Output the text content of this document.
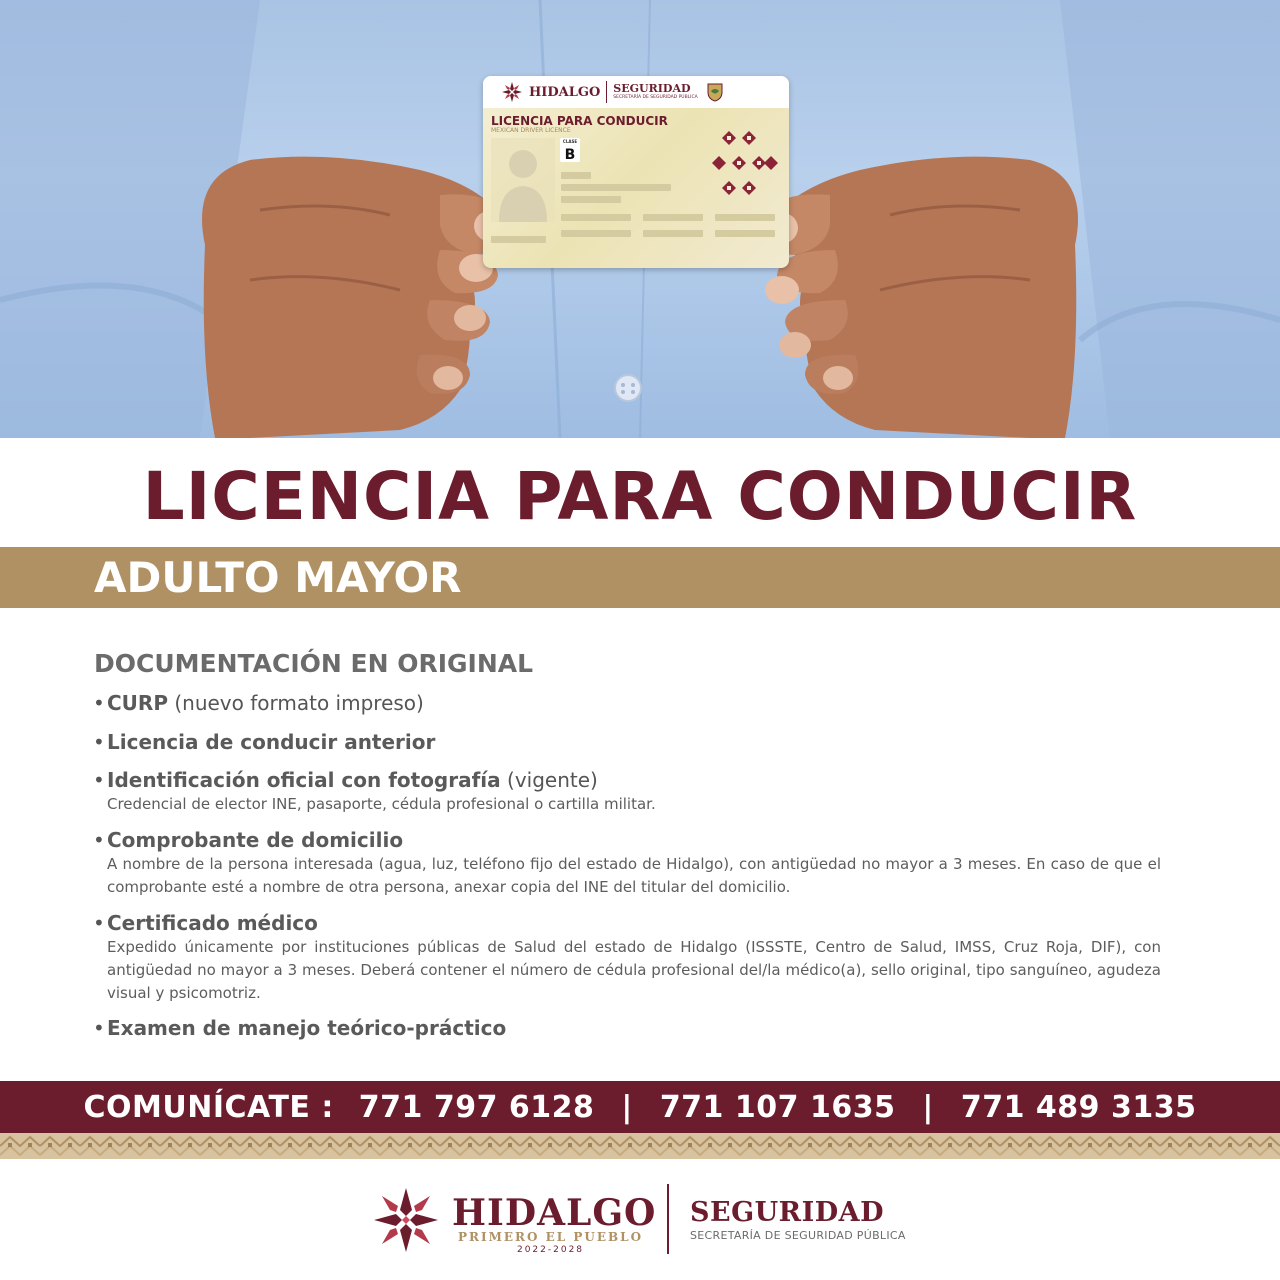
HIDALGO SEGURIDAD
SECRETARÍA DE SEGURIDAD PÚBLICA
LICENCIA PARA CONDUCIR
MEXICAN DRIVER LICENCE
CLASE
B
LICENCIA PARA CONDUCIR
ADULTO MAYOR
DOCUMENTACIÓN EN ORIGINAL
• CURP (nuevo formato impreso)
• Licencia de conducir anterior
• Identificación oficial con fotografía (vigente)
Credencial de elector INE, pasaporte, cédula profesional o cartilla militar.
• Comprobante de domicilio
A nombre de la persona interesada (agua, luz, teléfono fijo del estado de Hidalgo), con antigüedad no mayor a 3 meses. En caso de que el comprobante esté a nombre de otra persona, anexar copia del INE del titular del domicilio.
• Certificado médico
Expedido únicamente por instituciones públicas de Salud del estado de Hidalgo (ISSSTE, Centro de Salud, IMSS, Cruz Roja, DIF), con antigüedad no mayor a 3 meses. Deberá contener el número de cédula profesional del/la médico(a), sello original, tipo sanguíneo, agudeza visual y psicomotriz.
• Examen de manejo teórico-práctico
COMUNÍCATE : 771 797 6128 | 771 107 1635 | 771 489 3135
HIDALGO
PRIMERO EL PUEBLO
2022-2028
SEGURIDAD
SECRETARÍA DE SEGURIDAD PÚBLICA
